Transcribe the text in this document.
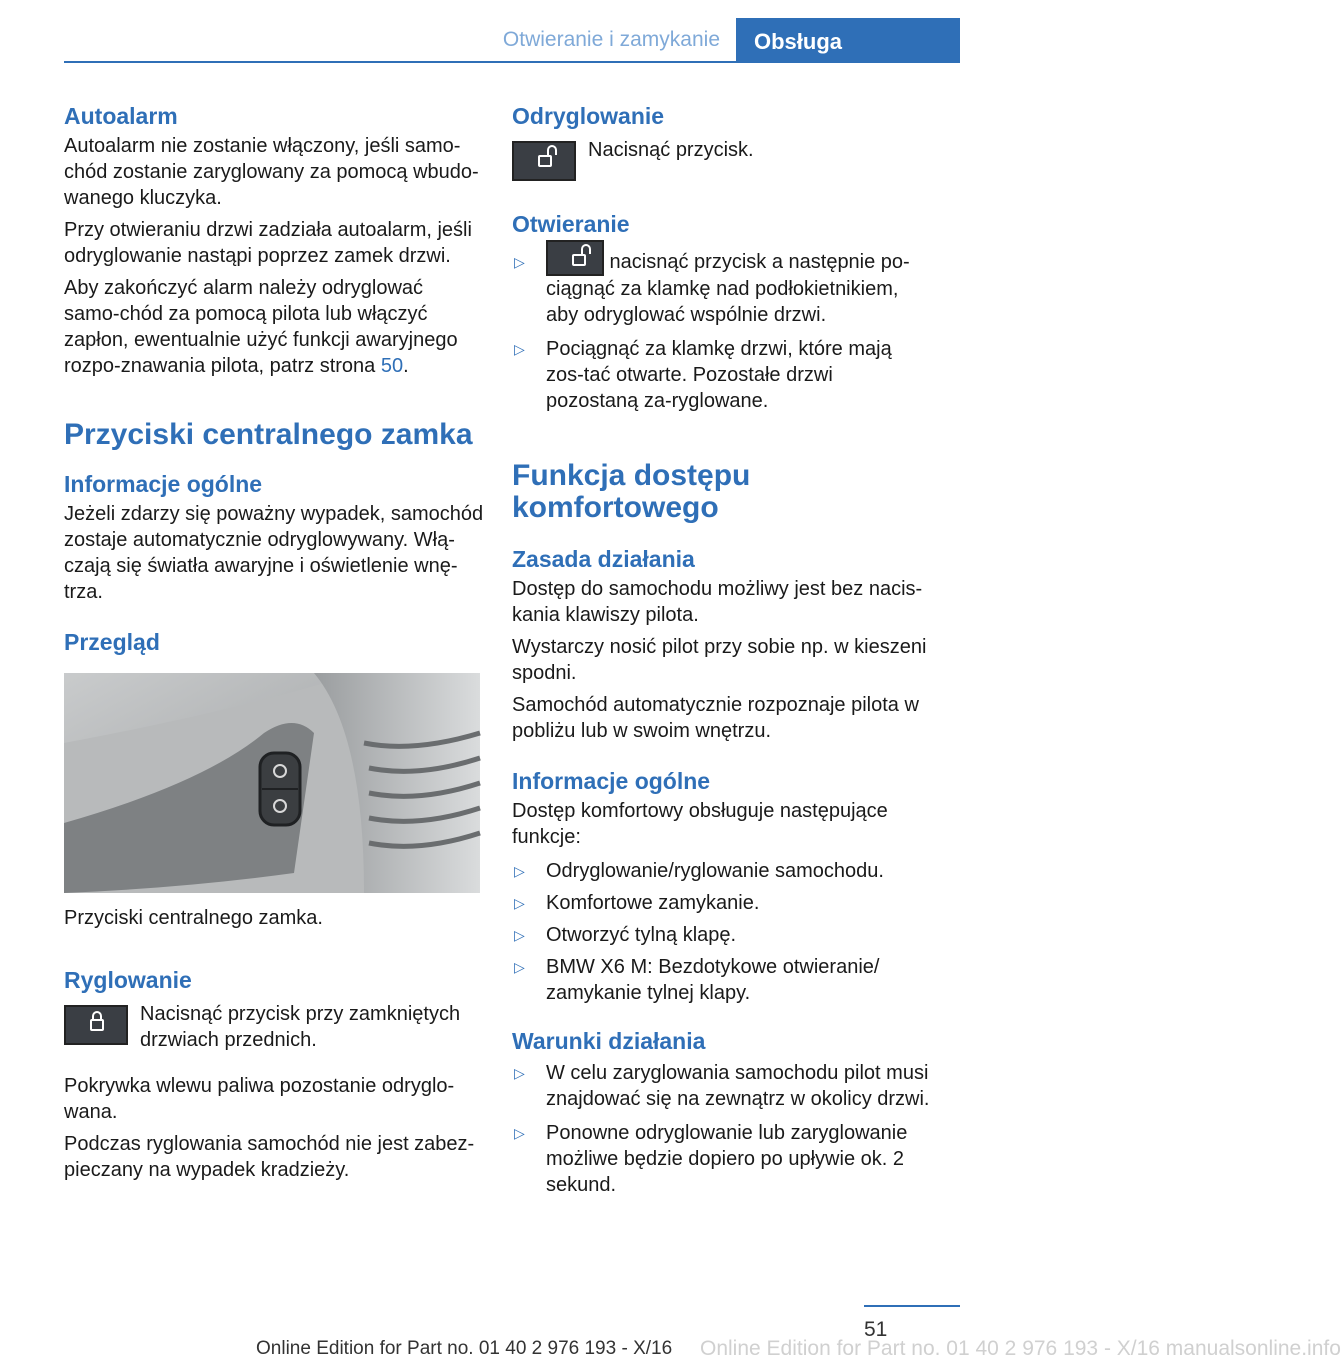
Otwieranie i zamykanie	Obsługa
Autoalarm
Autoalarm nie zostanie włączony, jeśli samo-chód zostanie zaryglowany za pomocą wbudo-wanego kluczyka.
Przy otwieraniu drzwi zadziała autoalarm, jeśli odryglowanie nastąpi poprzez zamek drzwi.
Aby zakończyć alarm należy odryglować samo-chód za pomocą pilota lub włączyć zapłon, ewentualnie użyć funkcji awaryjnego rozpo-znawania pilota, patrz strona 50.
Przyciski centralnego zamka
Informacje ogólne
Jeżeli zdarzy się poważny wypadek, samochód zostaje automatycznie odryglowywany. Włą-czają się światła awaryjne i oświetlenie wnę-trza.
Przegląd
Przyciski centralnego zamka.
Ryglowanie
Nacisnąć przycisk przy zamkniętych drzwiach przednich.
Pokrywka wlewu paliwa pozostanie odryglo-wana.
Podczas ryglowania samochód nie jest zabez-pieczany na wypadek kradzieży.
Odryglowanie
Nacisnąć przycisk.
Otwieranie
▷	nacisnąć przycisk a następnie po-ciągnąć za klamkę nad podłokietnikiem, aby odryglować wspólnie drzwi.
▷ Pociągnąć za klamkę drzwi, które mają zos-tać otwarte. Pozostałe drzwi pozostaną za-ryglowane.
Funkcja dostępu komfortowego
Zasada działania
Dostęp do samochodu możliwy jest bez nacis-kania klawiszy pilota.
Wystarczy nosić pilot przy sobie np. w kieszeni spodni.
Samochód automatycznie rozpoznaje pilota w pobliżu lub w swoim wnętrzu.
Informacje ogólne
Dostęp komfortowy obsługuje następujące funkcje:
▷ Odryglowanie/ryglowanie samochodu.
▷ Komfortowe zamykanie.
▷ Otworzyć tylną klapę.
▷ BMW X6 M: Bezdotykowe otwieranie/ zamykanie tylnej klapy.
Warunki działania
▷ W celu zaryglowania samochodu pilot musi znajdować się na zewnątrz w okolicy drzwi.
▷ Ponowne odryglowanie lub zaryglowanie możliwe będzie dopiero po upływie ok. 2 sekund.
51
Online Edition for Part no. 01 40 2 976 193 - X/16 manualsonline.info
Online Edition for Part no. 01 40 2 976 193 - X/16
